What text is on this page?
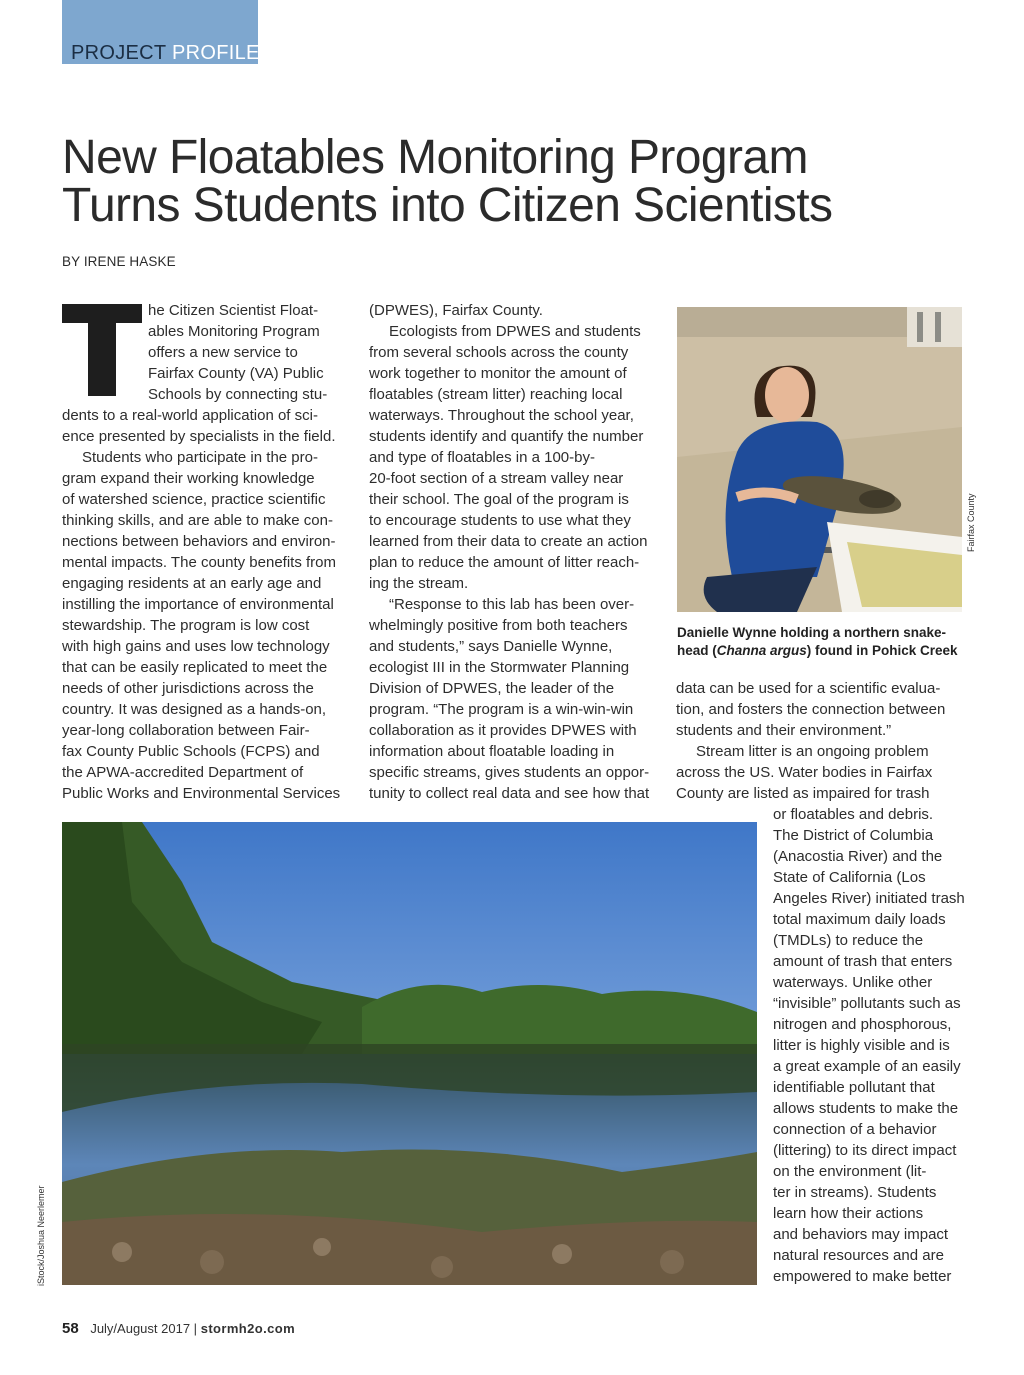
PROJECT PROFILE
New Floatables Monitoring Program
Turns Students into Citizen Scientists
BY IRENE HASKE
T

he Citizen Scientist Float-

ables Monitoring Program

offers a new service to

Fairfax County (VA) Public

Schools by connecting stu-

dents to a real-world application of sci-

ence presented by specialists in the field.

Students who participate in the pro-

gram expand their working knowledge

of watershed science, practice scientific

thinking skills, and are able to make con-

nections between behaviors and environ-

mental impacts. The county benefits from

engaging residents at an early age and

instilling the importance of environmental

stewardship. The program is low cost

with high gains and uses low technology

that can be easily replicated to meet the

needs of other jurisdictions across the

country. It was designed as a hands-on,

year-long collaboration between Fair-

fax County Public Schools (FCPS) and

the APWA-accredited Department of

Public Works and Environmental Services

(DPWES), Fairfax County.

Ecologists from DPWES and students

from several schools across the county

work together to monitor the amount of

floatables (stream litter) reaching local

waterways. Throughout the school year,

students identify and quantify the number

and type of floatables in a 100-by-

20-foot section of a stream valley near

their school. The goal of the program is

to encourage students to use what they

learned from their data to create an action

plan to reduce the amount of litter reach-

ing the stream.

“Response to this lab has been over-

whelmingly positive from both teachers

and students,” says Danielle Wynne,

ecologist III in the Stormwater Planning

Division of DPWES, the leader of the

program. “The program is a win-win-win

collaboration as it provides DPWES with

information about floatable loading in

specific streams, gives students an oppor-

tunity to collect real data and see how that

Fairfax County

Danielle Wynne holding a northern snake-

head (Channa argus) found in Pohick Creek

data can be used for a scientific evalua-

tion, and fosters the connection between

students and their environment.”

Stream litter is an ongoing problem

across the US. Water bodies in Fairfax

County are listed as impaired for trash

or floatables and debris.

The District of Columbia

(Anacostia River) and the

State of California (Los

Angeles River) initiated trash

total maximum daily loads

(TMDLs) to reduce the

amount of trash that enters

waterways. Unlike other

“invisible” pollutants such as

nitrogen and phosphorous,

litter is highly visible and is

a great example of an easily

identifiable pollutant that

allows students to make the

connection of a behavior

(littering) to its direct impact

on the environment (lit-

ter in streams). Students

learn how their actions

and behaviors may impact

natural resources and are

empowered to make better

iStock/Joshua Neerlemer
58 July/August 2017 | stormh2o.com
